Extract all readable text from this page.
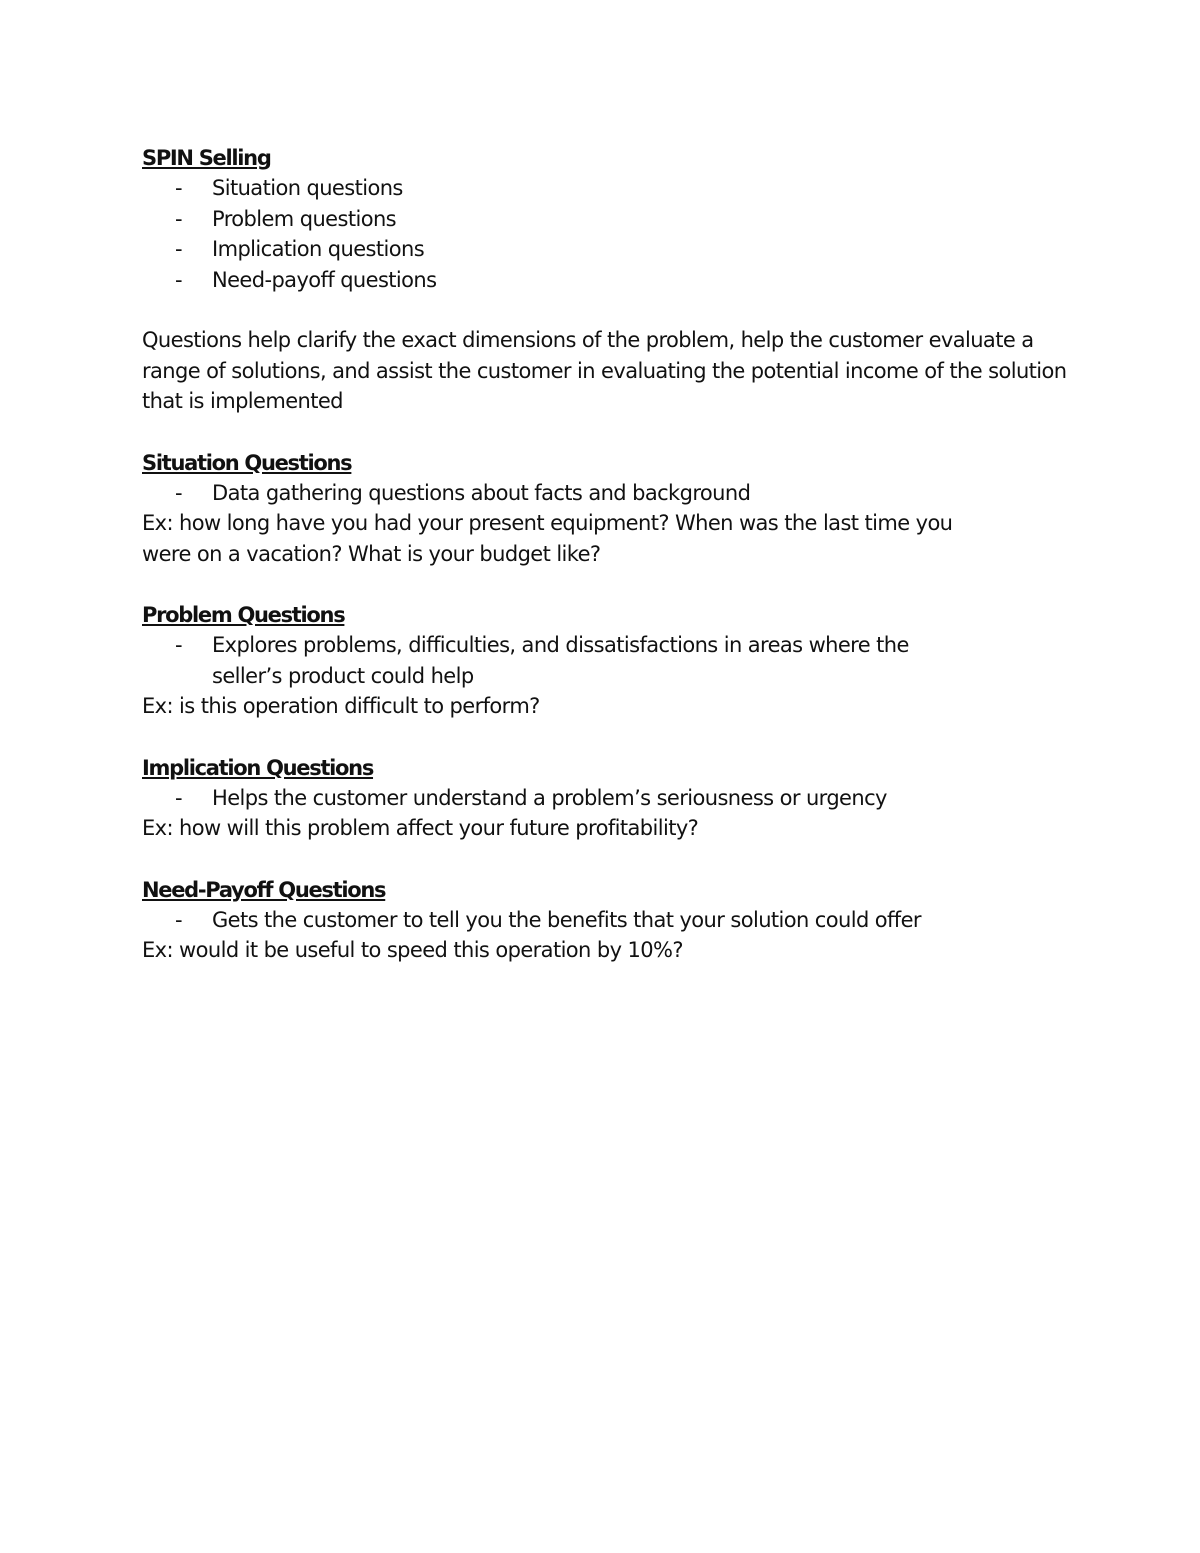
SPIN Selling

- Situation questions
- Problem questions
- Implication questions
- Need-payoff questions

Questions help clarify the exact dimensions of the problem, help the customer evaluate a range of solutions, and assist the customer in evaluating the potential income of the solution that is implemented

Situation Questions

- Data gathering questions about facts and background

Ex: how long have you had your present equipment? When was the last time you

were on a vacation? What is your budget like?

Problem Questions

- Explores problems, difficulties, and dissatisfactions in areas where the
seller’s product could help

Ex: is this operation difficult to perform?

Implication Questions

- Helps the customer understand a problem’s seriousness or urgency

Ex: how will this problem affect your future profitability?

Need-Payoff Questions

- Gets the customer to tell you the benefits that your solution could offer

Ex: would it be useful to speed this operation by 10%?
